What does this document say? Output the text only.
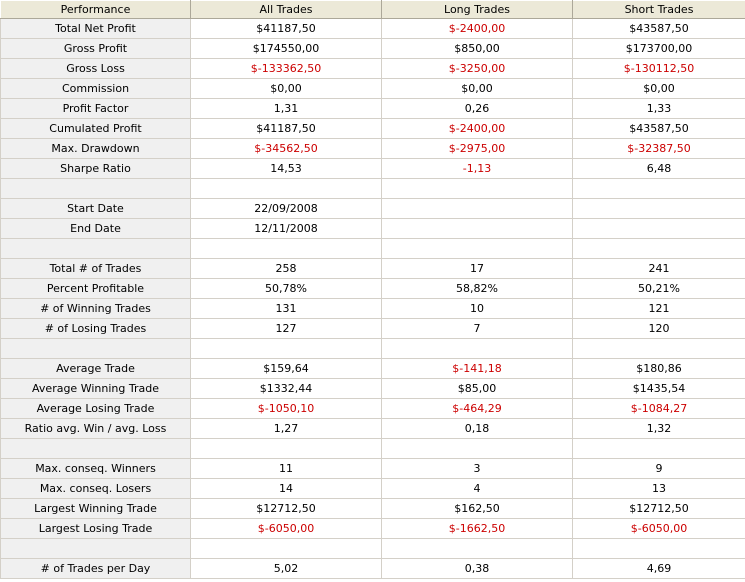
Performance	All Trades	Long Trades	Short Trades
Total Net Profit	$41187,50	$-2400,00	$43587,50
Gross Profit	$174550,00	$850,00	$173700,00
Gross Loss	$-133362,50	$-3250,00	$-130112,50
Commission	$0,00	$0,00	$0,00
Profit Factor	1,31	0,26	1,33
Cumulated Profit	$41187,50	$-2400,00	$43587,50
Max. Drawdown	$-34562,50	$-2975,00	$-32387,50
Sharpe Ratio	14,53	-1,13	6,48

Start Date	22/09/2008		
End Date	12/11/2008		

Total # of Trades	258	17	241
Percent Profitable	50,78%	58,82%	50,21%
# of Winning Trades	131	10	121
# of Losing Trades	127	7	120

Average Trade	$159,64	$-141,18	$180,86
Average Winning Trade	$1332,44	$85,00	$1435,54
Average Losing Trade	$-1050,10	$-464,29	$-1084,27
Ratio avg. Win / avg. Loss	1,27	0,18	1,32

Max. conseq. Winners	11	3	9
Max. conseq. Losers	14	4	13
Largest Winning Trade	$12712,50	$162,50	$12712,50
Largest Losing Trade	$-6050,00	$-1662,50	$-6050,00

# of Trades per Day	5,02	0,38	4,69
